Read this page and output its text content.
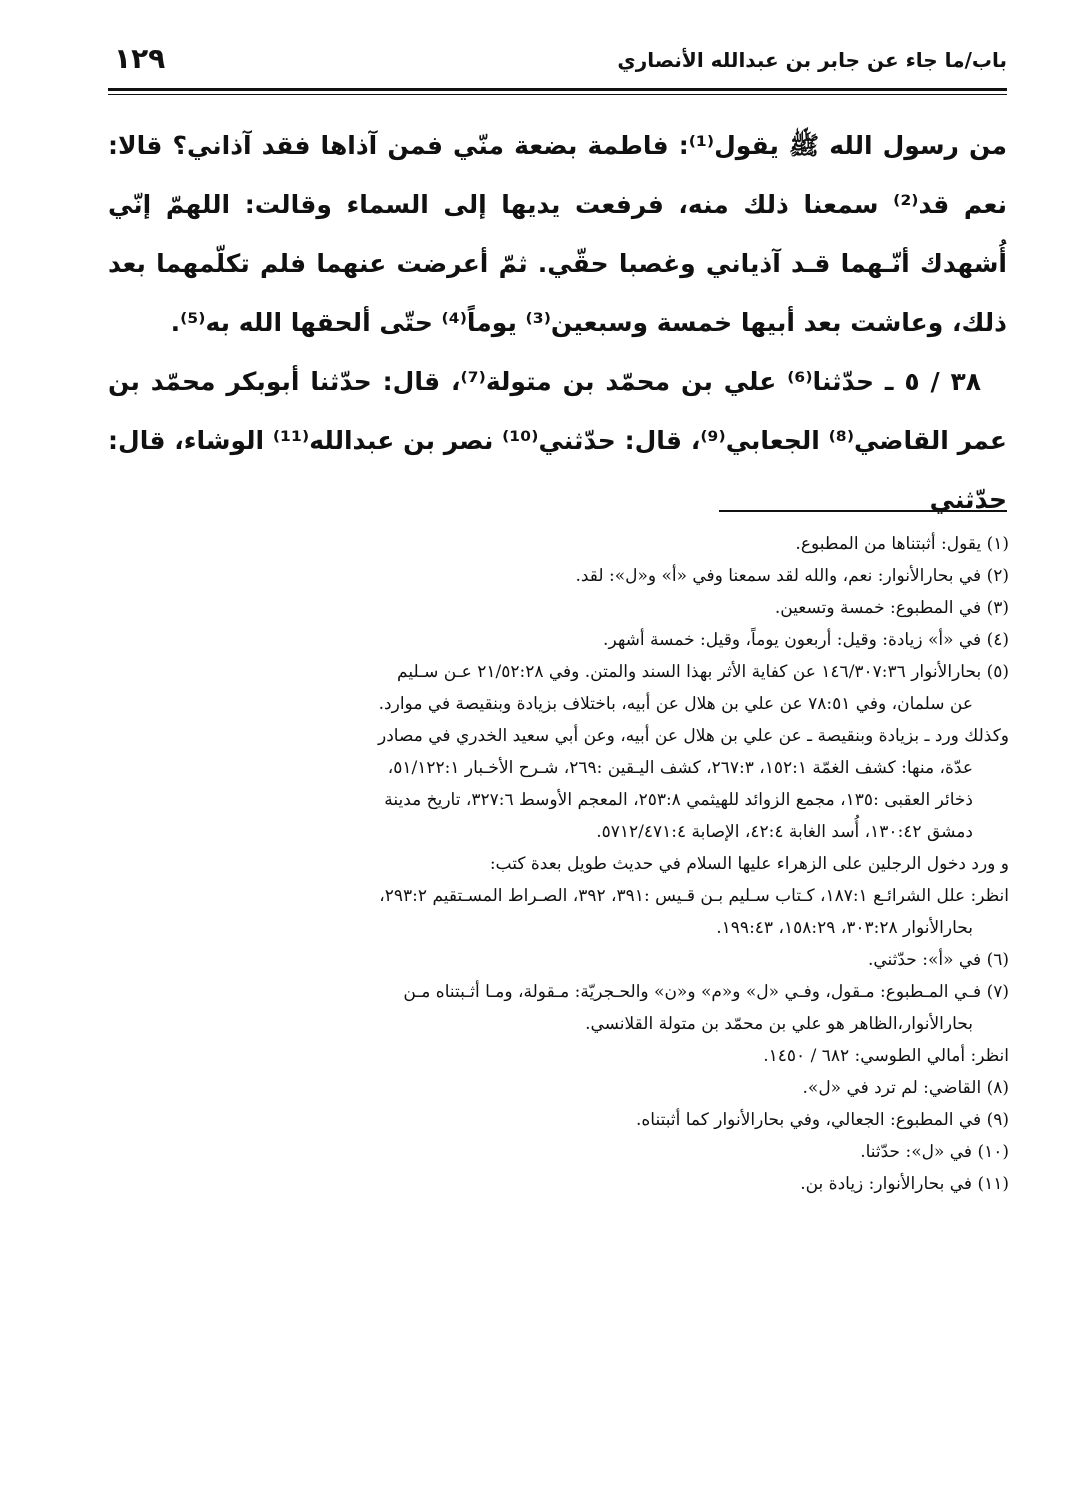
باب/ما جاء عن جابر بن عبدالله الأنصاري
١٢٩

من رسول الله ﷺ يقول⁽¹⁾: فاطمة بضعة منّي فمن آذاها فقد آذاني؟ قالا: نعم قد⁽²⁾ سمعنا ذلك منه، فرفعت يديها إلى السماء وقالت: اللهمّ إنّي أُشهدك أنّـهما قـد آذياني وغصبا حقّي. ثمّ أعرضت عنهما فلم تكلّمهما بعد ذلك، وعاشت بعد أبيها خمسة وسبعين⁽³⁾ يوماً⁽⁴⁾ حتّى ألحقها الله به⁽⁵⁾.

٣٨ / ٥ ـ حدّثنا⁽⁶⁾ علي بن محمّد بن متولة⁽⁷⁾، قال: حدّثنا أبوبكر محمّد بن عمر القاضي⁽⁸⁾ الجعابي⁽⁹⁾، قال: حدّثني⁽¹⁰⁾ نصر بن عبدالله⁽¹¹⁾ الوشاء، قال: حدّثني

(١) يقول: أثبتناها من المطبوع.

(٢) في بحارالأنوار: نعم، والله لقد سمعنا وفي «أ» و«ل»: لقد.

(٣) في المطبوع: خمسة وتسعين.

(٤) في «أ» زيادة: وقيل: أربعون يوماً، وقيل: خمسة أشهر.

(٥) بحارالأنوار ١٤٦/٣٠٧:٣٦ عن كفاية الأثر بهذا السند والمتن. وفي ٢١/٥٢:٢٨ عـن سـليم

عن سلمان، وفي ٧٨:٥١ عن علي بن هلال عن أبيه، باختلاف بزيادة وبنقيصة في موارد.

وكذلك ورد ـ بزيادة وبنقيصة ـ عن علي بن هلال عن أبيه، وعن أبي سعيد الخدري في مصادر

عدّة، منها: كشف الغمّة ١٥٢:١، ٢٦٧:٣، كشف اليـقين :٢٦٩، شـرح الأخـبار ٥١/١٢٢:١،

ذخائر العقبى :١٣٥، مجمع الزوائد للهيثمي ٢٥٣:٨، المعجم الأوسط ٣٢٧:٦، تاريخ مدينة

دمشق ١٣٠:٤٢، أُسد الغابة ٤٢:٤، الإصابة ٥٧١٢/٤٧١:٤.

و ورد دخول الرجلين على الزهراء عليها السلام في حديث طويل بعدة كتب:

انظر: علل الشرائـع ١٨٧:١، كـتاب سـليم بـن قـيس :٣٩١، ٣٩٢، الصـراط المسـتقيم ٢٩٣:٢،

بحارالأنوار ٣٠٣:٢٨، ١٥٨:٢٩، ١٩٩:٤٣.

(٦) في «أ»: حدّثني.

(٧) فـي المـطبوع: مـقول، وفـي «ل» و«م» و«ن» والحـجريّة: مـقولة، ومـا أثـبتناه مـن

بحارالأنوار،الظاهر هو علي بن محمّد بن متولة القلانسي.

انظر: أمالي الطوسي: ٦٨٢ / ١٤٥٠.

(٨) القاضي: لم ترد في «ل».

(٩) في المطبوع: الجعالي، وفي بحارالأنوار كما أثبتناه.

(١٠) في «ل»: حدّثنا.

(١١) في بحارالأنوار: زيادة بن.
